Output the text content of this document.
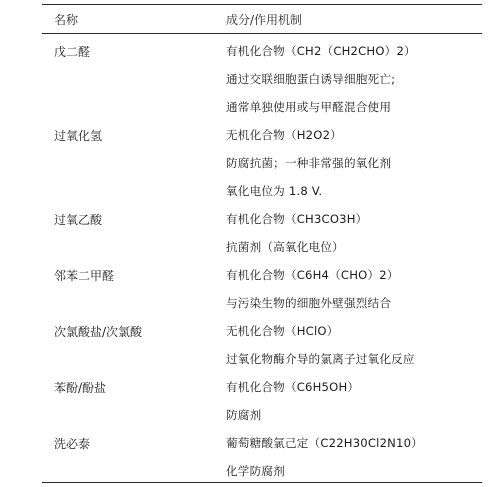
名称	成分/作用机制
戊二醛	有机化合物（CH2（CH2CHO）2）
通过交联细胞蛋白诱导细胞死亡;
通常单独使用或与甲醛混合使用
过氧化氢	无机化合物（H2O2）
防腐抗菌；一种非常强的氧化剂
氧化电位为 1.8 V.
过氧乙酸	有机化合物（CH3CO3H）
抗菌剂（高氧化电位）
邻苯二甲醛	有机化合物（C6H4（CHO）2）
与污染生物的细胞外壁强烈结合
次氯酸盐/次氯酸	无机化合物（HClO）
过氧化物酶介导的氯离子过氧化反应
苯酚/酚盐	有机化合物（C6H5OH）
防腐剂
洗必泰	葡萄糖酸氯己定（C22H30Cl2N10）
化学防腐剂
